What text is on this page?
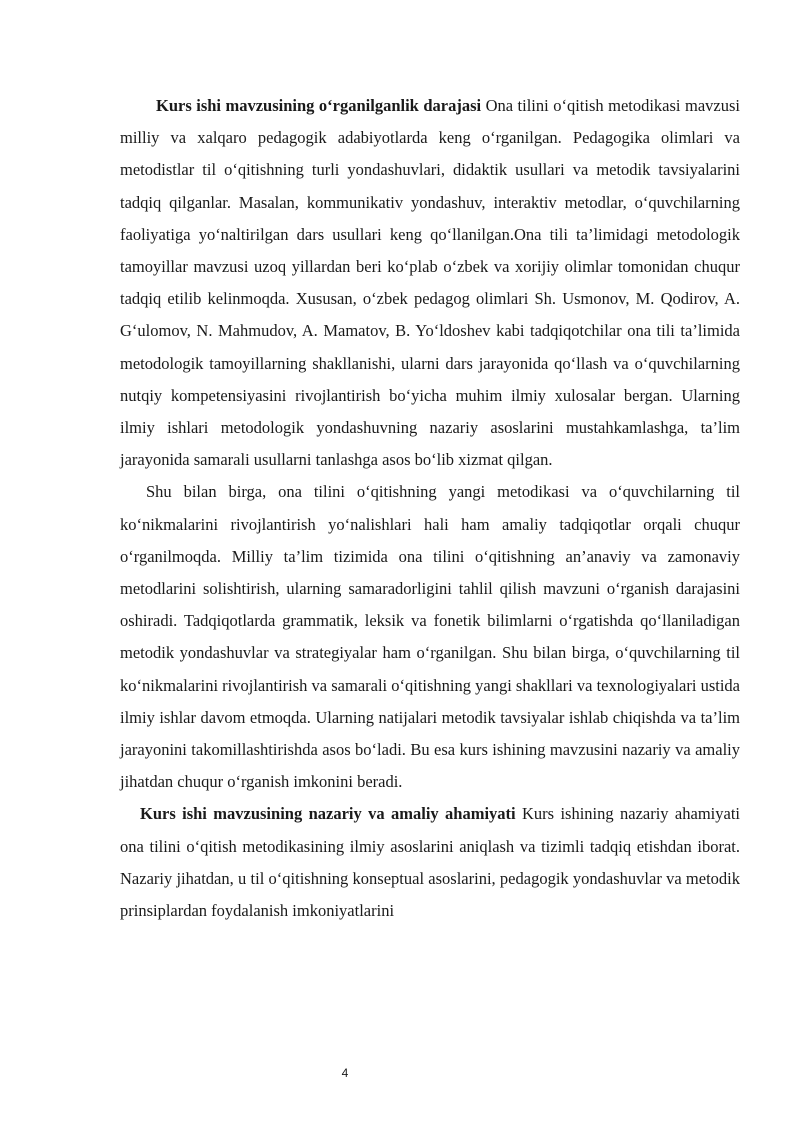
Kurs ishi mavzusining o‘rganilganlik darajasi Ona tilini o‘qitish metodikasi mavzusi milliy va xalqaro pedagogik adabiyotlarda keng o‘rganilgan. Pedagogika olimlari va metodistlar til o‘qitishning turli yondashuvlari, didaktik usullari va metodik tavsiyalarini tadqiq qilganlar. Masalan, kommunikativ yondashuv, interaktiv metodlar, o‘quvchilarning faoliyatiga yo‘naltirilgan dars usullari keng qo‘llanilgan.Ona tili ta’limidagi metodologik tamoyillar mavzusi uzoq yillardan beri ko‘plab o‘zbek va xorijiy olimlar tomonidan chuqur tadqiq etilib kelinmoqda. Xususan, o‘zbek pedagog olimlari Sh. Usmonov, M. Qodirov, A. G‘ulomov, N. Mahmudov, A. Mamatov, B. Yo‘ldoshev kabi tadqiqotchilar ona tili ta’limida metodologik tamoyillarning shakllanishi, ularni dars jarayonida qo‘llash va o‘quvchilarning nutqiy kompetensiyasini rivojlantirish bo‘yicha muhim ilmiy xulosalar bergan. Ularning ilmiy ishlari metodologik yondashuvning nazariy asoslarini mustahkamlashga, ta’lim jarayonida samarali usullarni tanlashga asos bo‘lib xizmat qilgan.

Shu bilan birga, ona tilini o‘qitishning yangi metodikasi va o‘quvchilarning til ko‘nikmalarini rivojlantirish yo‘nalishlari hali ham amaliy tadqiqotlar orqali chuqur o‘rganilmoqda. Milliy ta’lim tizimida ona tilini o‘qitishning an’anaviy va zamonaviy metodlarini solishtirish, ularning samaradorligini tahlil qilish mavzuni o‘rganish darajasini oshiradi. Tadqiqotlarda grammatik, leksik va fonetik bilimlarni o‘rgatishda qo‘llaniladigan metodik yondashuvlar va strategiyalar ham o‘rganilgan. Shu bilan birga, o‘quvchilarning til ko‘nikmalarini rivojlantirish va samarali o‘qitishning yangi shakllari va texnologiyalari ustida ilmiy ishlar davom etmoqda. Ularning natijalari metodik tavsiyalar ishlab chiqishda va ta’lim jarayonini takomillashtirishda asos bo‘ladi. Bu esa kurs ishining mavzusini nazariy va amaliy jihatdan chuqur o‘rganish imkonini beradi.

Kurs ishi mavzusining nazariy va amaliy ahamiyati Kurs ishining nazariy ahamiyati ona tilini o‘qitish metodikasining ilmiy asoslarini aniqlash va tizimli tadqiq etishdan iborat. Nazariy jihatdan, u til o‘qitishning konseptual asoslarini, pedagogik yondashuvlar va metodik prinsiplardan foydalanish imkoniyatlarini

4
